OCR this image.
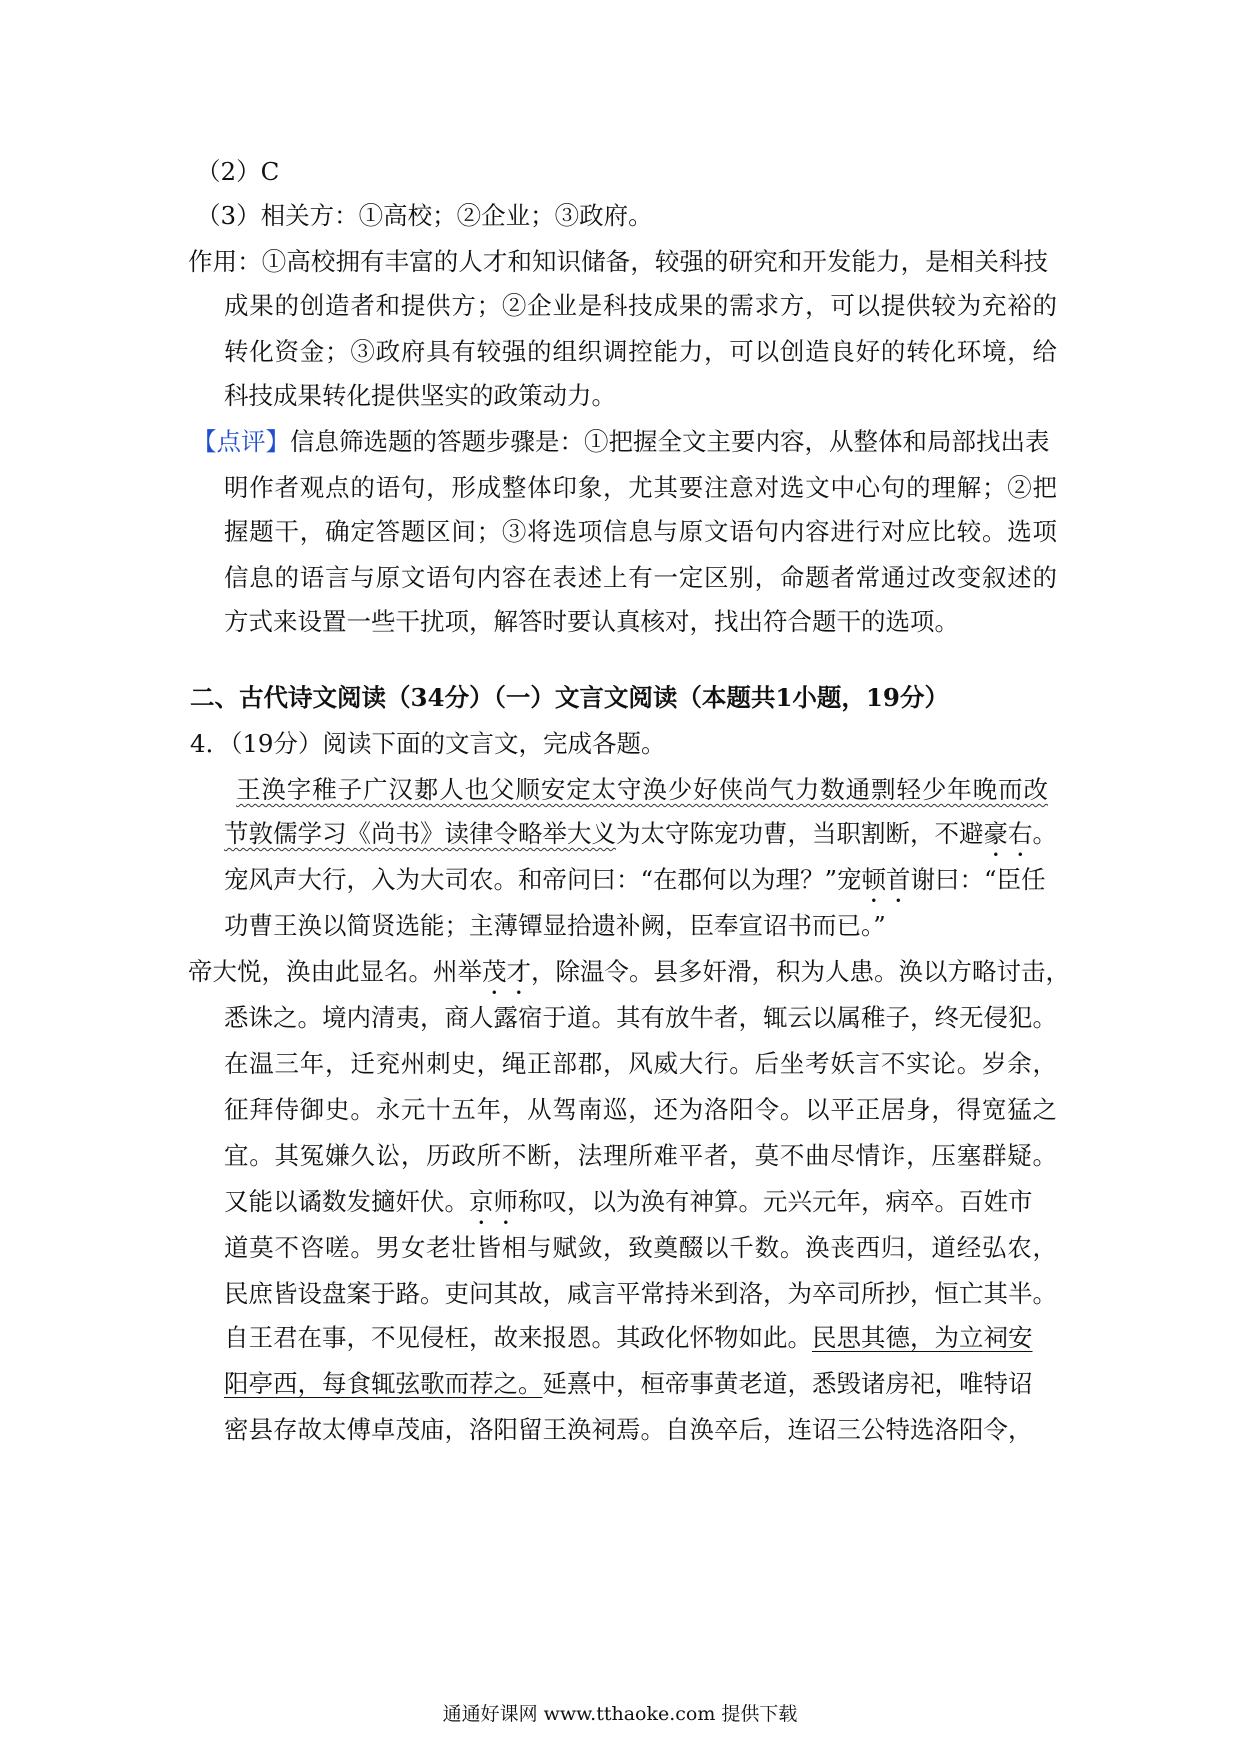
（2）C
（3）相关方：①高校；②企业；③政府。
作用：①高校拥有丰富的人才和知识储备，较强的研究和开发能力，是相关科技
成果的创造者和提供方；②企业是科技成果的需求方，可以提供较为充裕的
转化资金；③政府具有较强的组织调控能力，可以创造良好的转化环境，给
科技成果转化提供坚实的政策动力。
【点评】信息筛选题的答题步骤是：①把握全文主要内容，从整体和局部找出表
明作者观点的语句，形成整体印象，尤其要注意对选文中心句的理解；②把
握题干，确定答题区间；③将选项信息与原文语句内容进行对应比较。选项
信息的语言与原文语句内容在表述上有一定区别，命题者常通过改变叙述的
方式来设置一些干扰项，解答时要认真核对，找出符合题干的选项。
二、古代诗文阅读（34分）（一）文言文阅读（本题共1小题，19分）
4．（19分）阅读下面的文言文，完成各题。
王涣字稚子广汉郪人也父顺安定太守涣少好侠尚气力数通剽轻少年晚而改
节敦儒学习《尚书》读律令略举大义为太守陈宠功曹，当职割断，不避豪右。
宠风声大行，入为大司农。和帝问曰：“在郡何以为理？”宠顿首谢曰：“臣任
功曹王涣以简贤选能；主薄镡显拾遗补阙，臣奉宣诏书而已。”
帝大悦，涣由此显名。州举茂才，除温令。县多奸滑，积为人患。涣以方略讨击，
悉诛之。境内清夷，商人露宿于道。其有放牛者，辄云以属稚子，终无侵犯。
在温三年，迁兖州刺史，绳正部郡，风威大行。后坐考妖言不实论。岁余，
征拜侍御史。永元十五年，从驾南巡，还为洛阳令。以平正居身，得宽猛之
宜。其冤嫌久讼，历政所不断，法理所难平者，莫不曲尽情诈，压塞群疑。
又能以谲数发擿奸伏。京师称叹，以为涣有神算。元兴元年，病卒。百姓市
道莫不咨嗟。男女老壮皆相与赋敛，致奠醊以千数。涣丧西归，道经弘农，
民庶皆设盘案于路。吏问其故，咸言平常持米到洛，为卒司所抄，恒亡其半。
自王君在事，不见侵枉，故来报恩。其政化怀物如此。民思其德，为立祠安
阳亭西，每食辄弦歌而荐之。延熹中，桓帝事黄老道，悉毁诸房祀，唯特诏
密县存故太傅卓茂庙，洛阳留王涣祠焉。自涣卒后，连诏三公特选洛阳令，
通通好课网 www.tthaoke.com 提供下载
